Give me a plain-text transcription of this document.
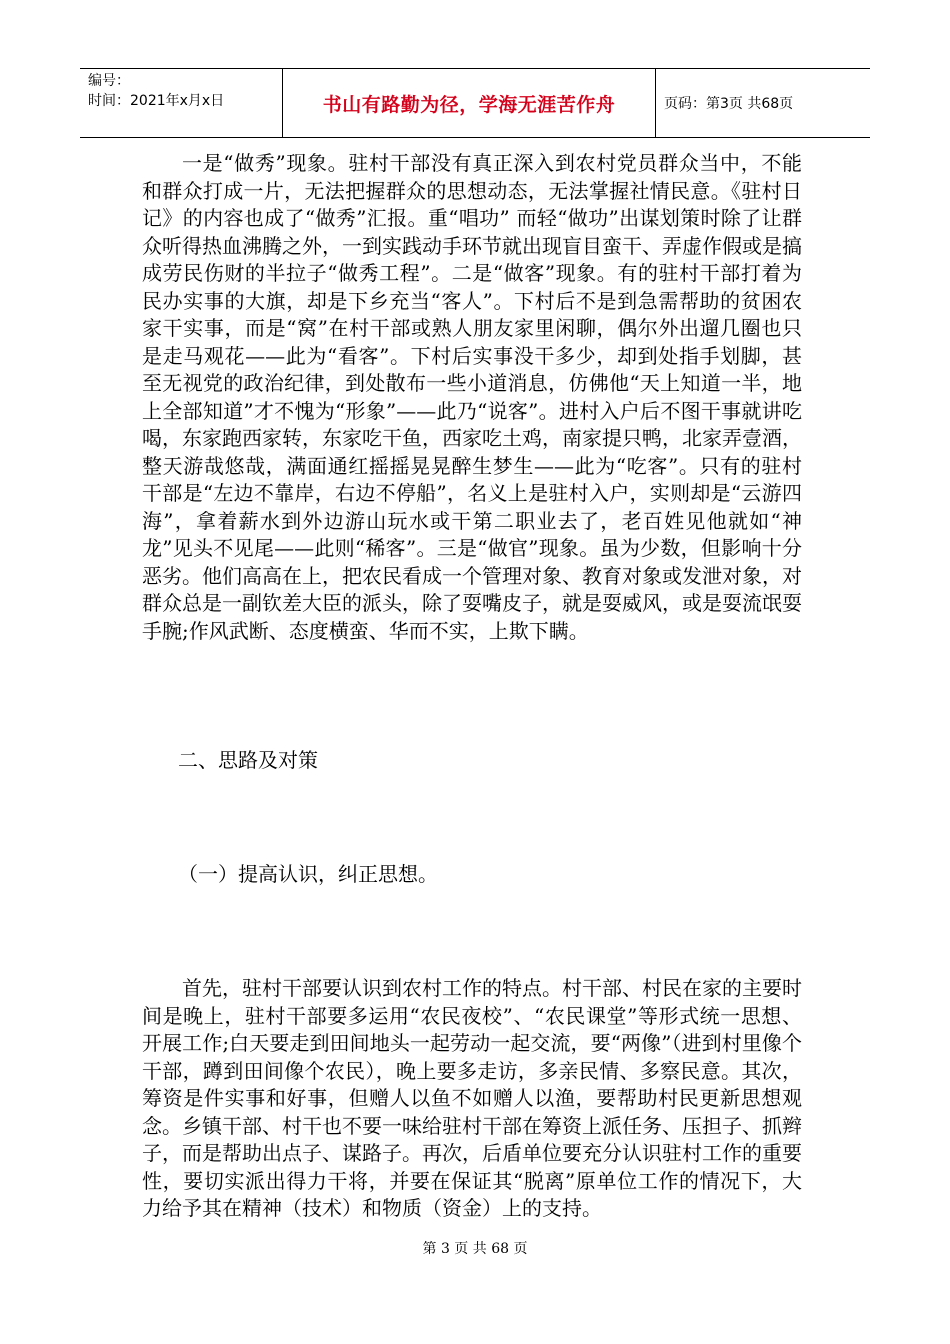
编号：
时间：2021年x月x日	书山有路勤为径，学海无涯苦作舟	页码：第3页 共68页

一是“做秀”现象。驻村干部没有真正深入到农村党员群众当中，不能和群众打成一片，无法把握群众的思想动态，无法掌握社情民意。《驻村日记》的内容也成了“做秀”汇报。重“唱功” 而轻“做功”出谋划策时除了让群众听得热血沸腾之外，一到实践动手环节就出现盲目蛮干、弄虚作假或是搞成劳民伤财的半拉子“做秀工程”。二是“做客”现象。有的驻村干部打着为民办实事的大旗，却是下乡充当“客人”。下村后不是到急需帮助的贫困农家干实事，而是“窝”在村干部或熟人朋友家里闲聊，偶尔外出遛几圈也只是走马观花——此为“看客”。下村后实事没干多少，却到处指手划脚，甚至无视党的政治纪律，到处散布一些小道消息，仿佛他“天上知道一半，地上全部知道”才不愧为“形象”——此乃“说客”。进村入户后不图干事就讲吃喝，东家跑西家转，东家吃干鱼，西家吃土鸡，南家提只鸭，北家弄壹酒，整天游哉悠哉，满面通红摇摇晃晃醉生梦生——此为“吃客”。只有的驻村干部是“左边不靠岸，右边不停船”，名义上是驻村入户，实则却是“云游四海”，拿着薪水到外边游山玩水或干第二职业去了，老百姓见他就如“神龙”见头不见尾——此则“稀客”。三是“做官”现象。虽为少数，但影响十分恶劣。他们高高在上，把农民看成一个管理对象、教育对象或发泄对象，对群众总是一副钦差大臣的派头，除了耍嘴皮子，就是耍威风，或是耍流氓耍手腕;作风武断、态度横蛮、华而不实，上欺下瞒。

二、思路及对策
（一）提高认识，纠正思想。

首先，驻村干部要认识到农村工作的特点。村干部、村民在家的主要时间是晚上，驻村干部要多运用“农民夜校”、“农民课堂”等形式统一思想、开展工作;白天要走到田间地头一起劳动一起交流，要“两像”（进到村里像个干部，蹲到田间像个农民），晚上要多走访，多亲民情、多察民意。其次，筹资是件实事和好事，但赠人以鱼不如赠人以渔，要帮助村民更新思想观念。乡镇干部、村干也不要一味给驻村干部在筹资上派任务、压担子、抓辫子，而是帮助出点子、谋路子。再次，后盾单位要充分认识驻村工作的重要性，要切实派出得力干将，并要在保证其“脱离”原单位工作的情况下，大力给予其在精神（技术）和物质（资金）上的支持。

第 3 页 共 68 页
